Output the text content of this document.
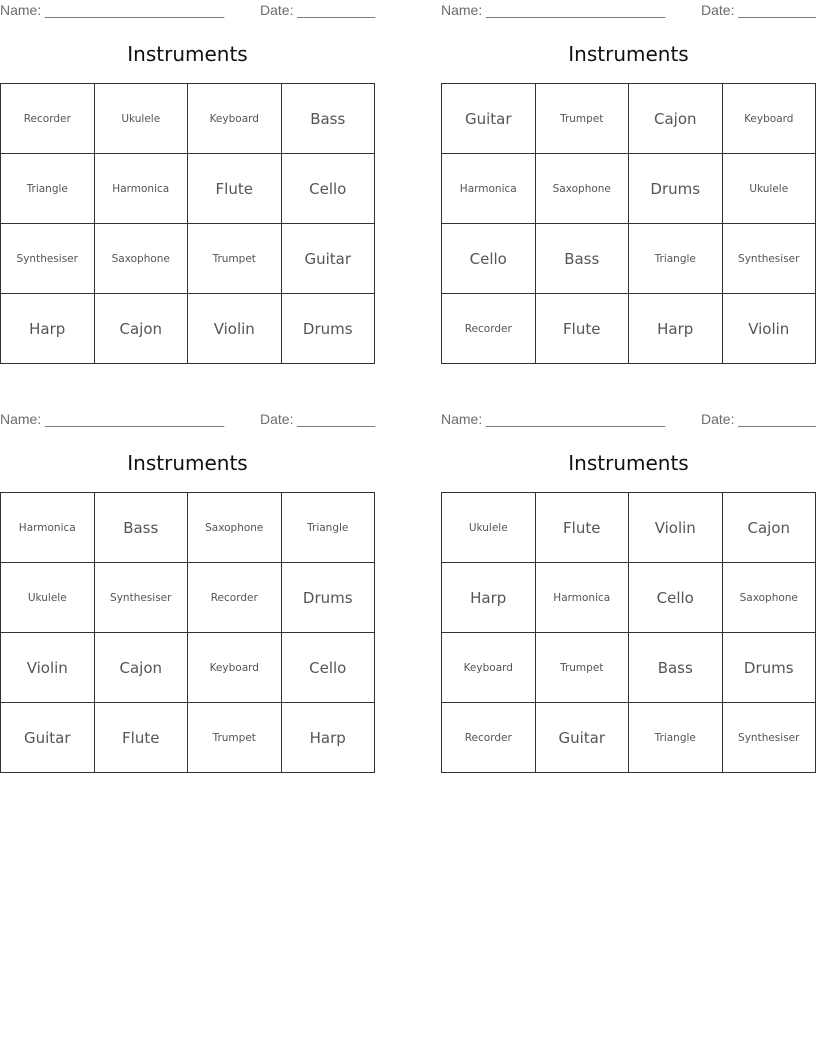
Name: _______________________	Date: __________
Instruments
Recorder	Ukulele	Keyboard	Bass
Triangle	Harmonica	Flute	Cello
Synthesiser	Saxophone	Trumpet	Guitar
Harp	Cajon	Violin	Drums
Name: _______________________	Date: __________
Instruments
Guitar	Trumpet	Cajon	Keyboard
Harmonica	Saxophone	Drums	Ukulele
Cello	Bass	Triangle	Synthesiser
Recorder	Flute	Harp	Violin
Name: _______________________	Date: __________
Instruments
Harmonica	Bass	Saxophone	Triangle
Ukulele	Synthesiser	Recorder	Drums
Violin	Cajon	Keyboard	Cello
Guitar	Flute	Trumpet	Harp
Name: _______________________	Date: __________
Instruments
Ukulele	Flute	Violin	Cajon
Harp	Harmonica	Cello	Saxophone
Keyboard	Trumpet	Bass	Drums
Recorder	Guitar	Triangle	Synthesiser
